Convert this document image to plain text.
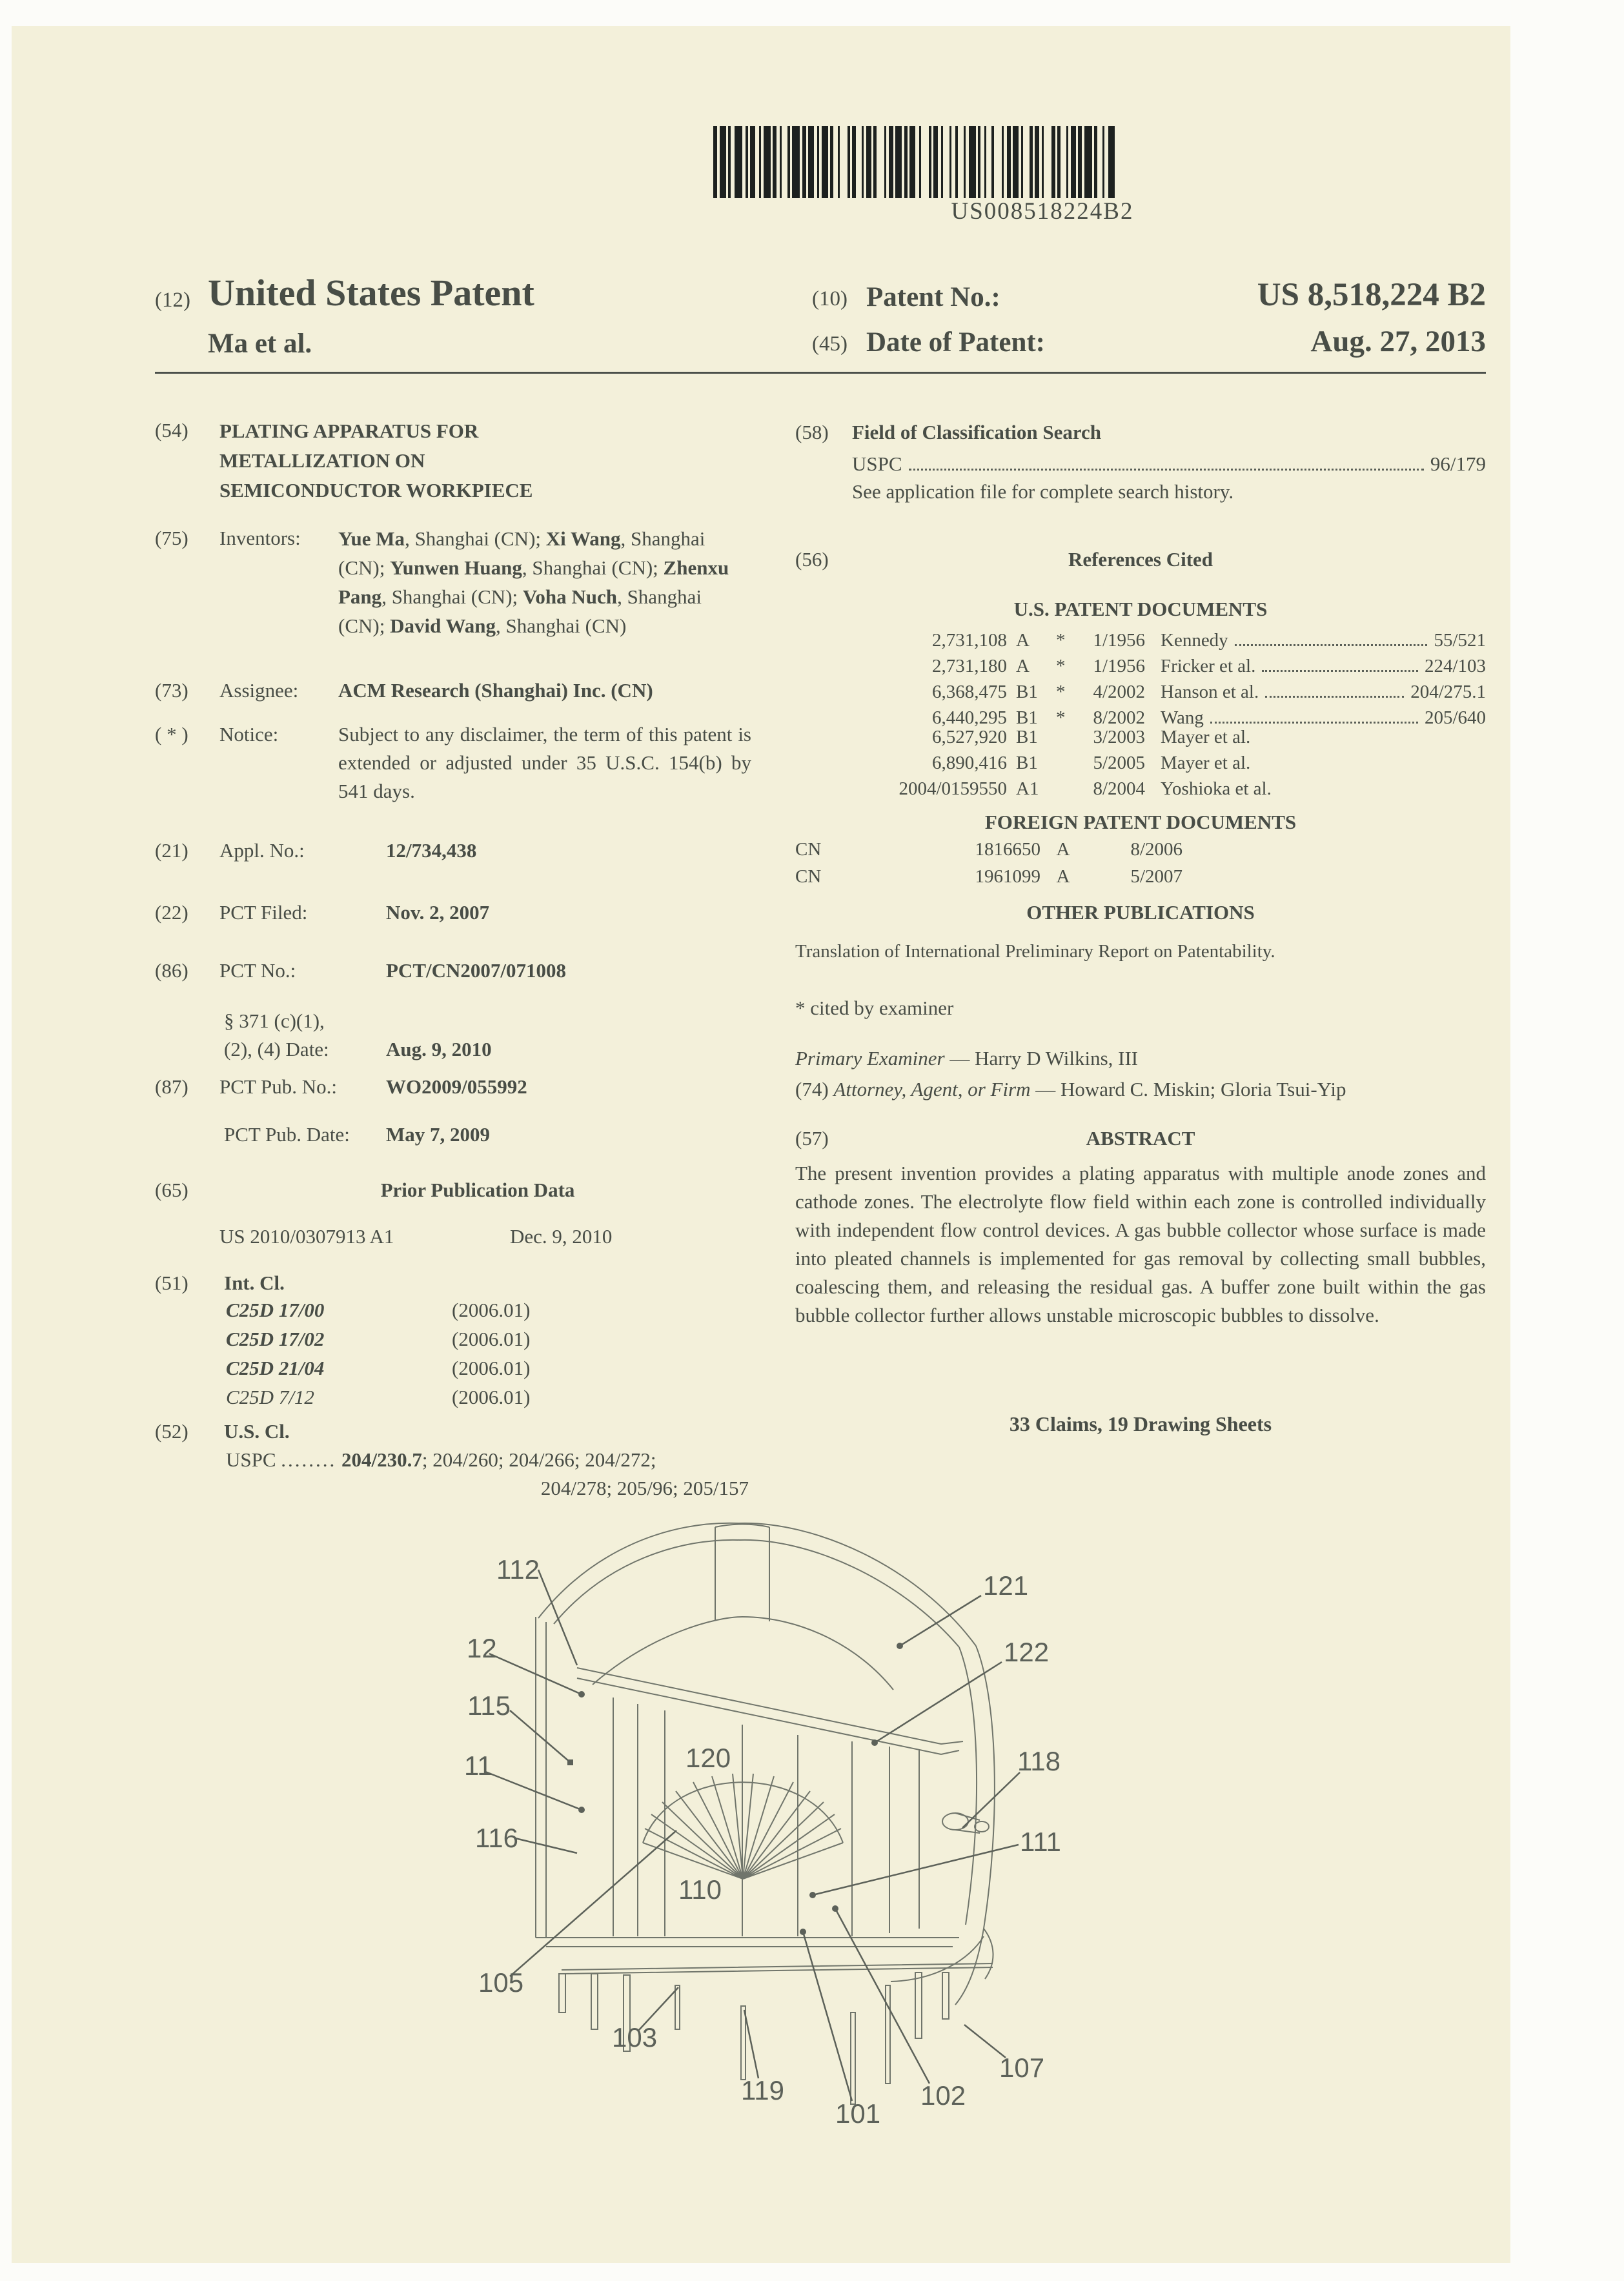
US008518224B2
(12) United States Patent
Ma et al.
(10) Patent No.:	US 8,518,224 B2
(45) Date of Patent:	Aug. 27, 2013
(54) PLATING APPARATUS FOR METALLIZATION ON SEMICONDUCTOR WORKPIECE
(75) Inventors: Yue Ma, Shanghai (CN); Xi Wang, Shanghai (CN); Yunwen Huang, Shanghai (CN); Zhenxu Pang, Shanghai (CN); Voha Nuch, Shanghai (CN); David Wang, Shanghai (CN)
(73) Assignee: ACM Research (Shanghai) Inc. (CN)
( * ) Notice:	Subject to any disclaimer, the term of this patent is extended or adjusted under 35 U.S.C. 154(b) by 541 days.
(21) Appl. No.:	12/734,438
(22) PCT Filed:	Nov. 2, 2007
(86) PCT No.:	PCT/CN2007/071008
§ 371 (c)(1),
(2), (4) Date:	Aug. 9, 2010
(87) PCT Pub. No.: WO2009/055992
PCT Pub. Date: May 7, 2009
(65)	Prior Publication Data
US 2010/0307913 A1	Dec. 9, 2010
(51) Int. Cl.
C25D 17/00	(2006.01)
C25D 17/02	(2006.01)
C25D 21/04	(2006.01)
C25D 7/12	(2006.01)
(52) U.S. Cl.
USPC ........ 204/230.7; 204/260; 204/266; 204/272;
204/278; 205/96; 205/157
(58) Field of Classification Search
USPC	96/179
See application file for complete search history.
(56)	References Cited
U.S. PATENT DOCUMENTS
2,731,108 A	*	1/1956 Kennedy	55/521
2,731,180 A	*	1/1956 Fricker et al.	224/103
6,368,475 B1 *	4/2002 Hanson et al.	204/275.1
6,440,295 B1 *	8/2002 Wang	205/640
6,527,920 B1	3/2003 Mayer et al.
6,890,416 B1	5/2005 Mayer et al.
2004/0159550 A1	8/2004 Yoshioka et al.
FOREIGN PATENT DOCUMENTS
CN	1816650 A	8/2006
CN	1961099 A	5/2007
OTHER PUBLICATIONS
Translation of International Preliminary Report on Patentability.
* cited by examiner
Primary Examiner — Harry D Wilkins, III
(74) Attorney, Agent, or Firm — Howard C. Miskin; Gloria Tsui-Yip
(57)	ABSTRACT
The present invention provides a plating apparatus with multiple anode zones and cathode zones. The electrolyte flow field within each zone is controlled individually with independent flow control devices. A gas bubble collector whose surface is made into pleated channels is implemented for gas removal by collecting small bubbles, coalescing them, and releasing the residual gas. A buffer zone built within the gas bubble collector further allows unstable microscopic bubbles to dissolve.
33 Claims, 19 Drawing Sheets
112
12
115
11
116
105
103
119
101
102
107
118
111
121
122
120
110
